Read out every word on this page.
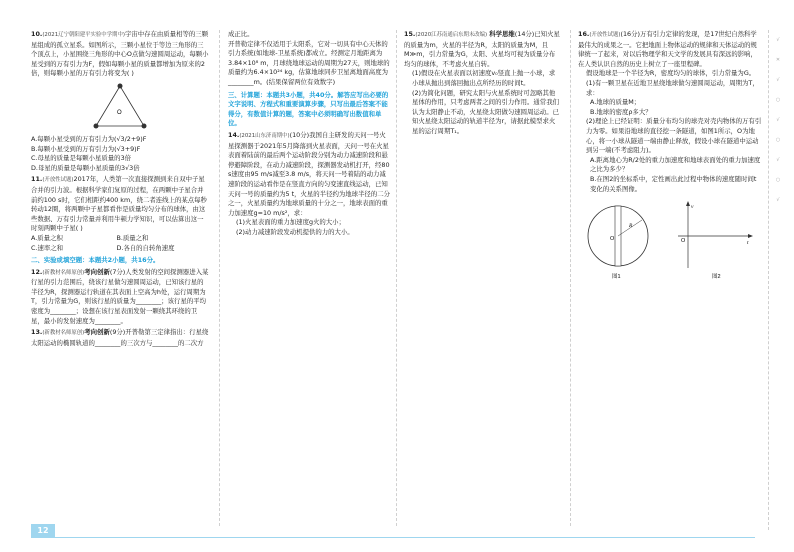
10.(2021辽宁朝阳建平实验中学期中)宇宙中存在由质量相等的三颗星组成的孤立星系。如图所示，三颗小星位于等边三角形的三个顶点上，小星围绕三角形的中心O点做匀速圆周运动，每颗小星受到的万有引力为F，假如每颗小星的质量都增加为原来的2倍，则每颗小星的万有引力将变为( )

O
A.每颗小星受到的万有引力为(√3/2+9)F
B.每颗小星受到的万有引力为(√3+9)F
C.母星的质量是每颗小星质量的3倍
D.母星的质量是每颗小星质量的3√3倍

11.(开放性试题)2017年，人类第一次直接探测到来自双中子星合并的引力波。根据科学家们复原的过程，在两颗中子星合并前约100 s时，它们相距约400 km，绕二者连线上的某点每秒转动12圈，将两颗中子星都看作是质量均匀分布的球体，由这些数据、万有引力常量并利用牛顿力学知识，可以估算出这一时刻两颗中子星( )

A.质量之积	B.质量之和 C.速率之和	D.各自的自转角速度
二、实验或填空题：本题共2小题，共16分。

12.(新教材名师原创)考向创新(7分)人类发射的空间探测器进入某行星的引力范围后，绕该行星做匀速圆周运动，已知该行星的半径为R，探测器运行轨道在其表面上空高为h处，运行周期为T，引力常量为G，则该行星的质量为________；该行星的平均密度为________；设想在该行星表面发射一颗绕其环绕的卫星，最小的发射速度为________。

13.(新教材名师原创)考向创新(9分)开普勒第三定律指出：行星绕太阳运动的椭圆轨道的________的三次方与________的二次方

成正比。
开普勒定律不仅适用于太阳系，它对一切具有中心天体的引力系统(如地球-卫星系统)都成立。经测定月地距离为3.84×10⁸ m，月球绕地球运动的周期为27天，则地球的质量约为6.4×10²⁴ kg，估算地球同步卫星离地面高度为________m。(结果保留两位有效数字)

三、计算题：本题共3小题，共40分。解答应写出必要的文字说明、方程式和重要演算步骤，只写出最后答案不能得分，有数值计算的题，答案中必须明确写出数值和单位。

14.(2021山东济南期中)(10分)我国自主研发的天问一号火星探测器于2021年5月降落到火星表面，天问一号在火星表面着陆前的最后两个运动阶段分别为动力减速阶段和悬停避障阶段，在动力减速阶段，探测器发动机打开，经80 s速度由95 m/s减至3.8 m/s，将天问一号着陆的动力减速阶段的运动看作是在竖直方向的匀变速直线运动，已知天问一号的质量约为5 t，火星的半径约为地球半径的二分之一，火星质量约为地球质量的十分之一，地球表面的重力加速度g=10 m/s²，求：

(1)火星表面的重力加速度g火的大小；

(2)动力减速阶段发动机提供的力的大小。

15.(2020江苏南通启东期末改编) 科学思维(14分)已知火星的质量为m，火星的半径为R，太阳的质量为M，且M≫m，引力常量为G，太阳、火星均可视为质量分布均匀的球体，不考虑火星自转。

(1)假设在火星表面以初速度v₀竖直上抛一小球，求小球从抛出到落回抛出点所经历的时间t。

(2)为简化问题，研究太阳与火星系统时可忽略其他星体的作用，只考虑两者之间的引力作用。通常我们认为太阳静止不动，火星绕太阳做匀速圆周运动。已知火星绕太阳运动的轨道半径为r，请据此模型求火星的运行周期T₁。

16.(开放性试题)(16分)万有引力定律的发现，是17世纪自然科学最伟大的成果之一。它把地面上物体运动的规律和天体运动的规律统一了起来，对以后物理学和天文学的发展具有深远的影响，在人类认识自然的历史上树立了一座里程碑。

假设地球是一个半径为R，密度均匀的球体，引力常量为G。

(1)有一颗卫星在近地卫星绕地球做匀速圆周运动，周期为T，求：

A.地球的质量M；

B.地球的密度ρ多大？

(2)理论上已经证明：质量分布均匀的球壳对壳内物体的万有引力为零。如果沿地球的直径挖一条隧道，如图1所示，O为地心，将一小球从隧道一端由静止释放，假设小球在隧道中运动到另一端(不考虑阻力)。

A.距离地心为R/2处的重力加速度和地球表面处的重力加速度之比为多少？

B.在图2的坐标系中，定性画出此过程中物体的速度随时间t变化的关系图像。

R
O
图1
v
t
O
图2
√
✕
√
○
√
○
√
○
√
12
